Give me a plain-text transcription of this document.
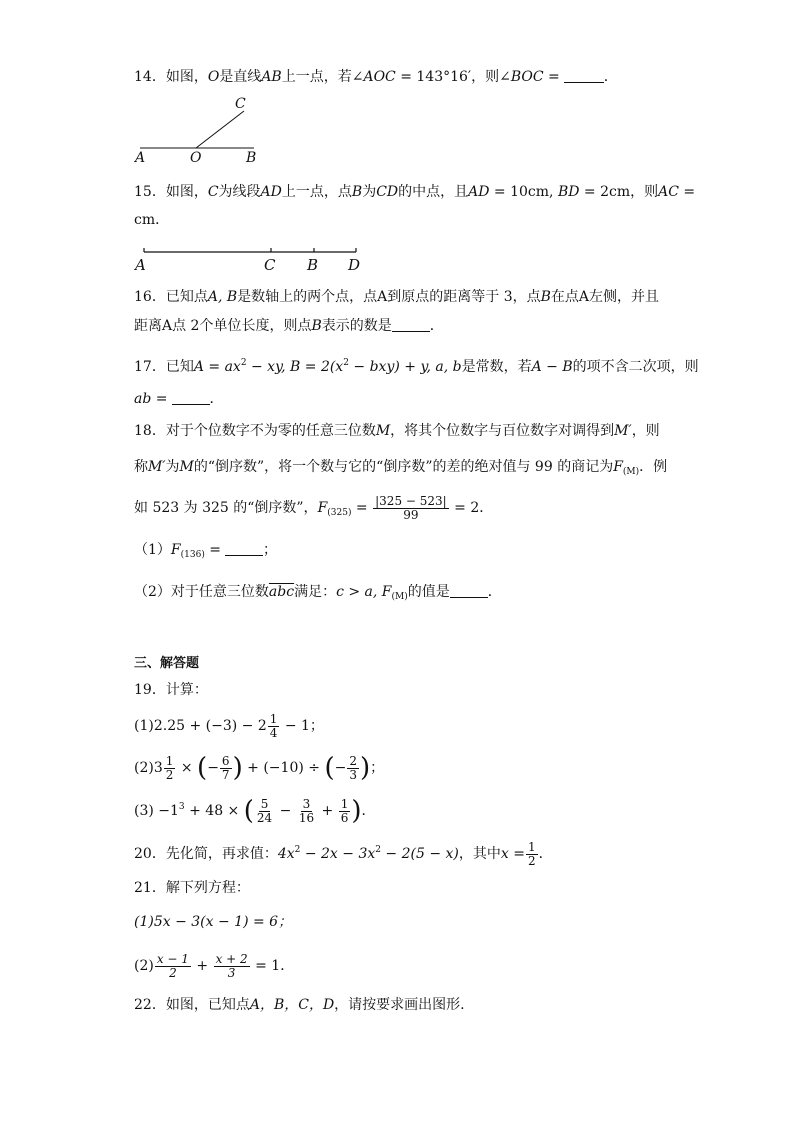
14．如图，O是直线AB上一点，若∠AOC = 143°16′，则∠BOC =	．
C
A	O	B
15．如图，C为线段AD上一点，点B为CD的中点，且AD = 10cm, BD = 2cm，则AC =
cm．
A	C B D
16．已知点A, B是数轴上的两个点，点A到原点的距离等于 3，点B在点A左侧，并且
距离A点 2个单位长度，则点B表示的数是	．
17．已知$A = ax^2$ − xy, $B = 2(x^2 - bxy) + y$, a, b是常数，若A − B的项不含二次项，则
ab =	．
18．对于个位数字不为零的任意三位数M，将其个位数字与百位数字对调得到M′，则
称M′为M的“倒序数”，将一个数与它的“倒序数”的差的绝对值与 99 的商记为$F_{(M)}$．例
如 523 为 325 的“倒序数”，$F_{(325)} = \frac{|325 - 523|}{99} = 2$．
$(1)F_{(136)}$ =	；
（2）对于任意三位数$\overline{abc}$满足：c > a, $F_{(M)}$的值是	．
三、解答题
19．计算：
$(1)2.25 + (-3) - 2 \frac{1}{4} - 1$；
$(2)3 \frac{1}{2}$ × (− $\frac{6}{7}$ ) + (−10) ÷ (− $\frac{2}{3}$ )；
$(3) -1^3 + 48$ × ( $\frac{5}{24} - \frac{3}{16} + \frac{1}{6}$ )．
20．先化简，再求值：$4x^2 - 2x - 3x^2 - 2(5 - x)$，其中$x = \frac{1}{2}$ ．
21．解下列方程：
(1)5x − 3(x − 1) = 6；
$(2) \frac{x - 1}{2} + \frac{x + 2}{3} = 1$．
22．如图，已知点A，B，C，D，请按要求画出图形.
